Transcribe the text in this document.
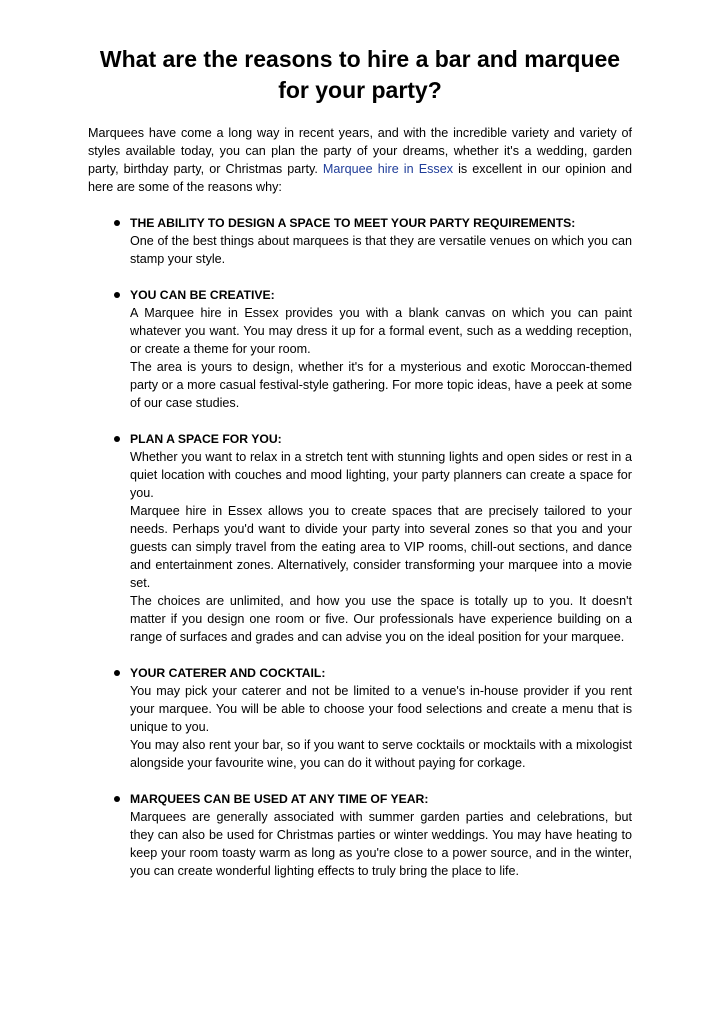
What are the reasons to hire a bar and marquee for your party?

Marquees have come a long way in recent years, and with the incredible variety and variety of styles available today, you can plan the party of your dreams, whether it's a wedding, garden party, birthday party, or Christmas party. Marquee hire in Essex is excellent in our opinion and here are some of the reasons why:

THE ABILITY TO DESIGN A SPACE TO MEET YOUR PARTY REQUIREMENTS:

One of the best things about marquees is that they are versatile venues on which you can stamp your style.

YOU CAN BE CREATIVE:

A Marquee hire in Essex provides you with a blank canvas on which you can paint whatever you want. You may dress it up for a formal event, such as a wedding reception, or create a theme for your room.

The area is yours to design, whether it's for a mysterious and exotic Moroccan-themed party or a more casual festival-style gathering. For more topic ideas, have a peek at some of our case studies.

PLAN A SPACE FOR YOU:

Whether you want to relax in a stretch tent with stunning lights and open sides or rest in a quiet location with couches and mood lighting, your party planners can create a space for you.

Marquee hire in Essex allows you to create spaces that are precisely tailored to your needs. Perhaps you'd want to divide your party into several zones so that you and your guests can simply travel from the eating area to VIP rooms, chill-out sections, and dance and entertainment zones. Alternatively, consider transforming your marquee into a movie set.

The choices are unlimited, and how you use the space is totally up to you. It doesn't matter if you design one room or five. Our professionals have experience building on a range of surfaces and grades and can advise you on the ideal position for your marquee.

YOUR CATERER AND COCKTAIL:

You may pick your caterer and not be limited to a venue's in-house provider if you rent your marquee. You will be able to choose your food selections and create a menu that is unique to you.

You may also rent your bar, so if you want to serve cocktails or mocktails with a mixologist alongside your favourite wine, you can do it without paying for corkage.

MARQUEES CAN BE USED AT ANY TIME OF YEAR:

Marquees are generally associated with summer garden parties and celebrations, but they can also be used for Christmas parties or winter weddings. You may have heating to keep your room toasty warm as long as you're close to a power source, and in the winter, you can create wonderful lighting effects to truly bring the place to life.
